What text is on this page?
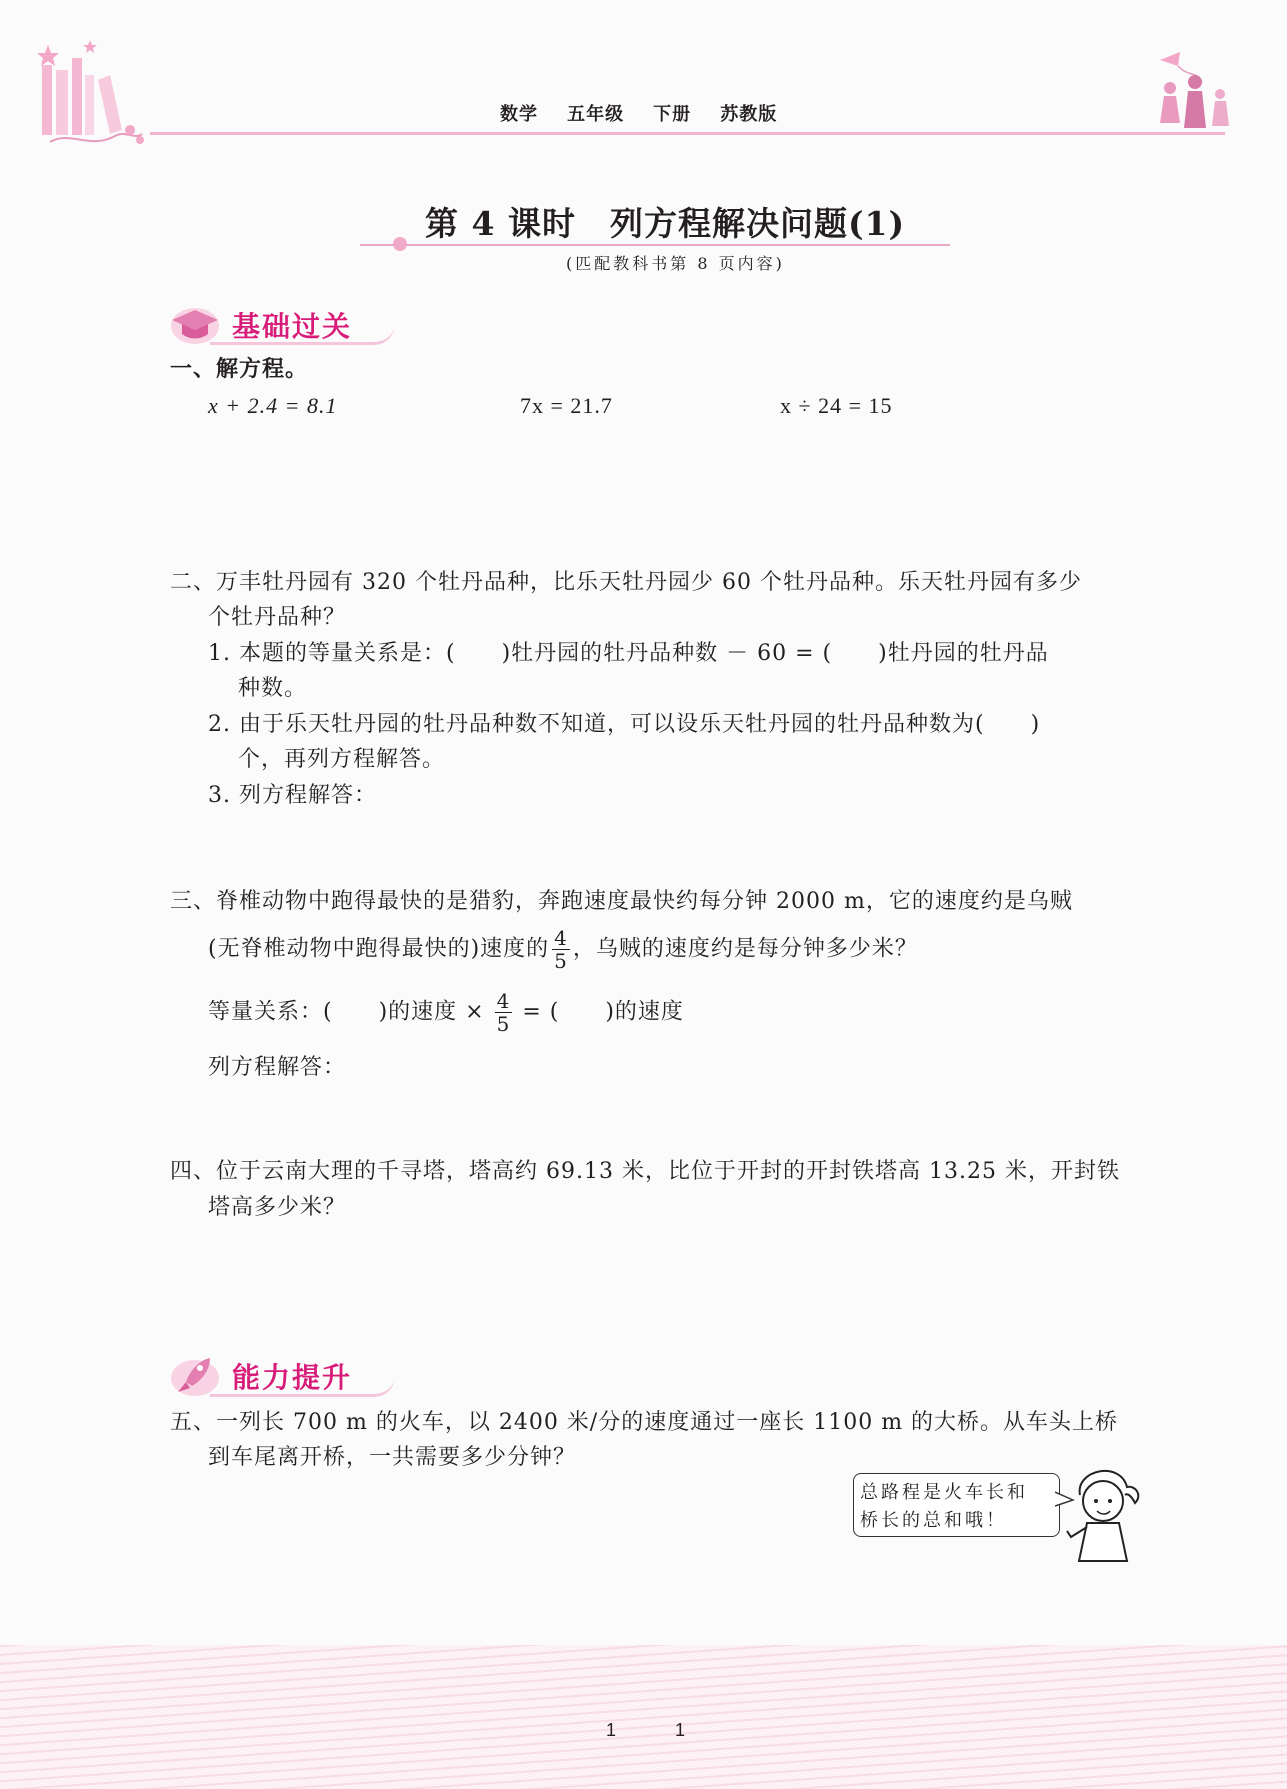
数学 五年级 下册 苏教版
第 4 课时　列方程解决问题(1)
(匹配教科书第 8 页内容)
基础过关
一、解方程。
x + 2.4 = 8.1	7x = 21.7	x ÷ 24 = 15
二、万丰牡丹园有 320 个牡丹品种，比乐天牡丹园少 60 个牡丹品种。乐天牡丹园有多少
个牡丹品种？
1. 本题的等量关系是：(　　)牡丹园的牡丹品种数 － 60 = (　　)牡丹园的牡丹品
种数。
2. 由于乐天牡丹园的牡丹品种数不知道，可以设乐天牡丹园的牡丹品种数为(　　)
个，再列方程解答。
3. 列方程解答：
三、脊椎动物中跑得最快的是猎豹，奔跑速度最快约每分钟 2000 m，它的速度约是乌贼
(无脊椎动物中跑得最快的)速度的 $\frac{4}{5}$ ，乌贼的速度约是每分钟多少米？
等量关系：(　　)的速度 × $\frac{4}{5}$ = (　　)的速度
列方程解答：
四、位于云南大理的千寻塔，塔高约 69.13 米，比位于开封的开封铁塔高 13.25 米，开封铁
塔高多少米？
能力提升
五、一列长 700 m 的火车，以 2400 米/分的速度通过一座长 1100 m 的大桥。从车头上桥
到车尾离开桥，一共需要多少分钟？
总路程是火车长和
桥长的总和哦！
1	1
